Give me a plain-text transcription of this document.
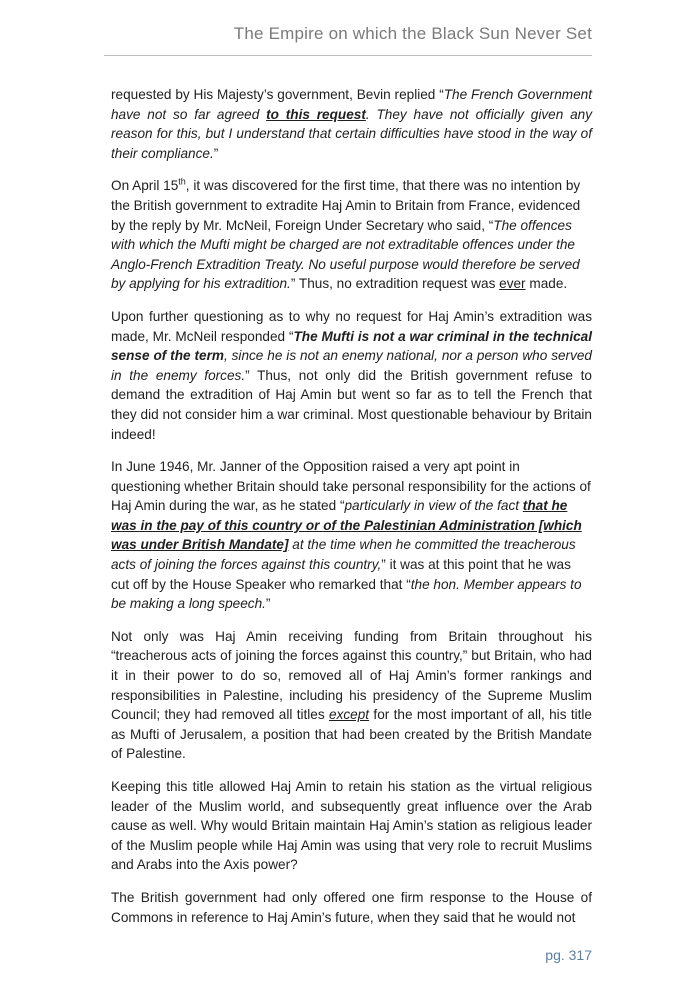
The Empire on which the Black Sun Never Set

requested by His Majesty’s government, Bevin replied “The French Government have not so far agreed to this request. They have not officially given any reason for this, but I understand that certain difficulties have stood in the way of their compliance.”

On April 15th, it was discovered for the first time, that there was no intention by the British government to extradite Haj Amin to Britain from France, evidenced by the reply by Mr. McNeil, Foreign Under Secretary who said, “The offences with which the Mufti might be charged are not extraditable offences under the Anglo-French Extradition Treaty. No useful purpose would therefore be served by applying for his extradition.” Thus, no extradition request was ever made.

Upon further questioning as to why no request for Haj Amin’s extradition was made, Mr. McNeil responded “The Mufti is not a war criminal in the technical sense of the term, since he is not an enemy national, nor a person who served in the enemy forces.” Thus, not only did the British government refuse to demand the extradition of Haj Amin but went so far as to tell the French that they did not consider him a war criminal. Most questionable behaviour by Britain indeed!

In June 1946, Mr. Janner of the Opposition raised a very apt point in questioning whether Britain should take personal responsibility for the actions of Haj Amin during the war, as he stated “particularly in view of the fact that he was in the pay of this country or of the Palestinian Administration [which was under British Mandate] at the time when he committed the treacherous acts of joining the forces against this country,” it was at this point that he was cut off by the House Speaker who remarked that “the hon. Member appears to be making a long speech.”

Not only was Haj Amin receiving funding from Britain throughout his “treacherous acts of joining the forces against this country,” but Britain, who had it in their power to do so, removed all of Haj Amin’s former rankings and responsibilities in Palestine, including his presidency of the Supreme Muslim Council; they had removed all titles except for the most important of all, his title as Mufti of Jerusalem, a position that had been created by the British Mandate of Palestine.

Keeping this title allowed Haj Amin to retain his station as the virtual religious leader of the Muslim world, and subsequently great influence over the Arab cause as well. Why would Britain maintain Haj Amin’s station as religious leader of the Muslim people while Haj Amin was using that very role to recruit Muslims and Arabs into the Axis power?

The British government had only offered one firm response to the House of Commons in reference to Haj Amin’s future, when they said that he would not

pg. 317
